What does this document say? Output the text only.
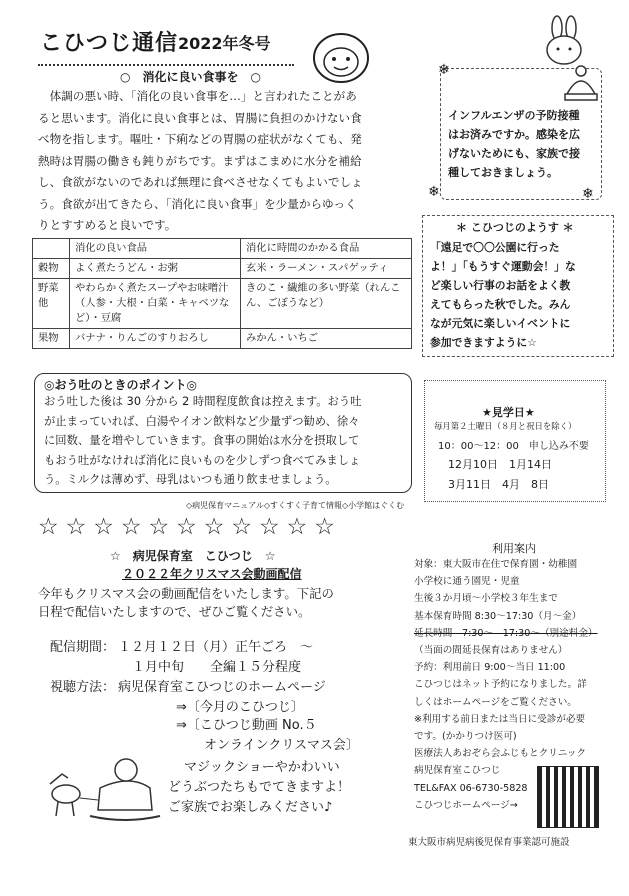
こひつじ通信 2022年冬号
○　消化に良い食事を　○
　体調の悪い時、「消化の良い食事を…」と言われたことがあ
ると思います。消化に良い食事とは、胃腸に負担のかけない食
べ物を指します。嘔吐・下痢などの胃腸の症状がなくても、発
熱時は胃腸の働きも鈍りがちです。まずはこまめに水分を補給
し、食欲がないのであれば無理に食べさせなくてもよいでしょ
う。食欲が出てきたら、「消化に良い食事」を少量からゆっく
りとすすめると良いです。
	消化の良い食品	消化に時間のかかる食品
穀物	よく煮たうどん・お粥	玄米・ラーメン・スパゲッティ
野菜他	やわらかく煮たスープやお味噌汁（人参・大根・白菜・キャベツなど）・豆腐	きのこ・繊維の多い野菜（れんこん、ごぼうなど）
果物	バナナ・りんごのすりおろし	みかん・いちご
◎おう吐のときのポイント◎
おう吐した後は 30 分から 2 時間程度飲食は控えます。おう吐
が止まっていれば、白湯やイオン飲料など少量ずつ勧め、徐々
に回数、量を増やしていきます。食事の開始は水分を摂取して
もおう吐がなければ消化に良いものを少しずつ食べてみましょ
う。ミルクは薄めず、母乳はいつも通り飲ませましょう。
◇病児保育マニュアル◇すくすく子育て情報◇小学館はぐくむ
インフルエンザの予防接種
はお済みですか。感染を広
げないためにも、家族で接
種しておきましょう。
＊ こひつじのようす ＊
「遠足で〇〇公園に行った
よ！」「もうすぐ運動会！」な
ど楽しい行事のお話をよく教
えてもらった秋でした。みん
なが元気に楽しいイベントに
参加できますように☆
★見学日★
毎月第２土曜日（８月と祝日を除く）
10：00～12：00　申し込み不要
12月10日　1月14日
3月11日　4月　8日
利用案内
対象：東大阪市在住で保育園・幼稚園
小学校に通う園児・児童
生後３か月頃～小学校３年生まで
基本保育時間 8:30～17:30（月～金）
延長時間　7:30～　17:30～（別途料金）
（当面の間延長保育はありません）
予約：利用前日 9:00～当日 11:00
こひつじはネット予約になりました。詳
しくはホームページをご覧ください。
※利用する前日または当日に受診が必要
です。(かかりつけ医可)
医療法人あおぞら会ふじもとクリニック
病児保育室こひつじ
TEL&FAX 06-6730-5828
こひつじホームページ→
東大阪市病児病後児保育事業認可施設
☆☆☆☆☆☆☆☆☆☆☆
☆　病児保育室　こひつじ　☆
２０２２年クリスマス会動画配信
今年もクリスマス会の動画配信をいたします。下記の
日程で配信いたしますので、ぜひご覧ください。
配信期間： １２月１２日（月）正午ごろ　～
１月中旬　　全編１５分程度
視聴方法： 病児保育室こひつじのホームページ
⇒〔今月のこひつじ〕
⇒〔こひつじ動画 No.５
オンラインクリスマス会〕
マジックショーやかわいい
どうぶつたちもでてきますよ！
ご家族でお楽しみください♪
❄
❄
❄
